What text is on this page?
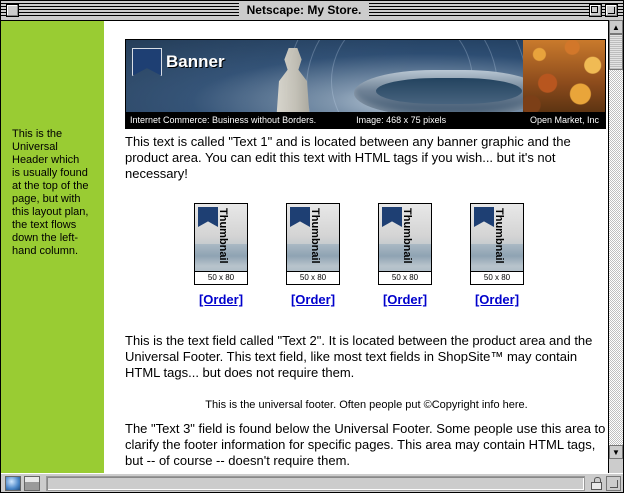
Netscape: My Store.
This is the Universal Header which is usually found at the top of the page, but with this layout plan, the text flows down the left-hand column.
Banner
Internet Commerce: Business without Borders.	Image: 468 x 75 pixels	Open Market, Inc
This text is called "Text 1" and is located between any banner graphic and the product area. You can edit this text with HTML tags if you wish... but it's not necessary!
Thumbnail
50 x 80
[Order]
Thumbnail
50 x 80
[Order]
Thumbnail
50 x 80
[Order]
Thumbnail
50 x 80
[Order]
This is the text field called "Text 2". It is located between the product area and the Universal Footer. This text field, like most text fields in ShopSite™ may contain HTML tags... but does not require them.
This is the universal footer. Often people put ©Copyright info here.
The "Text 3" field is found below the Universal Footer. Some people use this area to clarify the footer information for specific pages. This area may contain HTML tags, but -- of course -- doesn't require them.
▲
▼
